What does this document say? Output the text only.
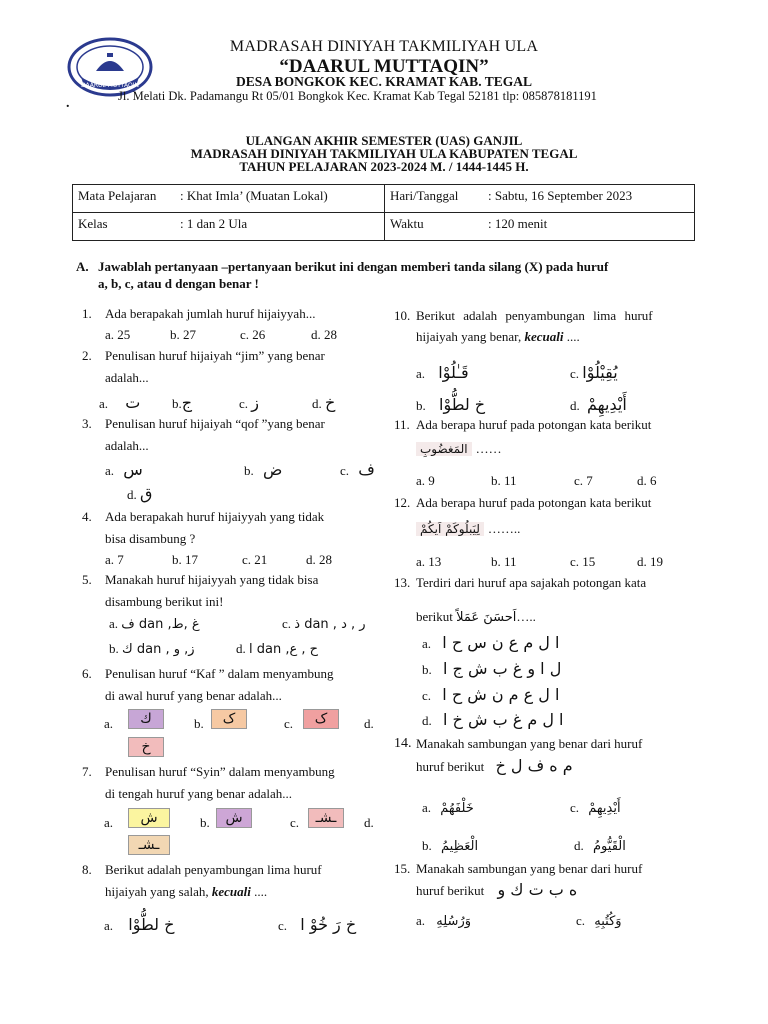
DAARUL MUTTAQIN
MADRASAH DINIYAH TAKMILIYAH ULA
“DAARUL MUTTAQIN”
DESA BONGKOK KEC. KRAMAT KAB. TEGAL
Jl. Melati Dk. Padamangu Rt 05/01 Bongkok Kec. Kramat Kab Tegal 52181 tlp: 085878181191
.
ULANGAN AKHIR SEMESTER (UAS) GANJIL
MADRASAH DINIYAH TAKMILIYAH ULA KABUPATEN TEGAL
TAHUN PELAJARAN 2023-2024 M. / 1444-1445 H.
Mata Pelajaran : Khat Imla’ (Muatan Lokal)	Hari/Tanggal : Sabtu, 16 September 2023
Kelas : 1 dan 2 Ula	Waktu : 120 menit
A. Jawablah pertanyaan –pertanyaan berikut ini dengan memberi tanda silang (X) pada huruf
a, b, c, atau d dengan benar !
1. Ada berapakah jumlah huruf hijaiyyah...
a. 25	b. 27	c. 26	d. 28
2. Penulisan huruf hijaiyah “jim” yang benar
adalah...
a. ت b.ج	c. ز	d. خ
3. Penulisan huruf hijaiyah “qof ”yang benar
adalah...
a. س	b. ض	c. ف
d. ق
4. Ada berapakah huruf hijaiyyah yang tidak
bisa disambung ?
a. 7	b. 17	c. 21	d. 28
5. Manakah huruf hijaiyyah yang tidak bisa
disambung berikut ini!
a. غ ,ط, dan ف	c. ر , د , dan ذ
b. ز, و , dan ك	d. ح , ع, dan ا
6. Penulisan huruf “Kaf ” dalam menyambung
di awal huruf yang benar adalah...
a.	ك	b.	ک	c.	ک	d.
خ
7. Penulisan huruf “Syin” dalam menyambung
di tengah huruf yang benar adalah...
a.	ش	b.	ش	c.	ـشـ	d.
ـشـ
8. Berikut adalah penyambungan lima huruf
hijaiyah yang salah, kecuali ....
a. خ لطُّوْا	c. خ رَ خُوْ ا
10. Berikut adalah penyambungan lima huruf
hijaiyah yang benar, kecuali ....
a. قَـٰلُوْا	c. يُقِيْلُوْا
b. خ لطُّوْا	d. أَيْدِيهِمْ
11. Ada berapa huruf pada potongan kata berikut
المَغضُوبِ ……
a. 9	b. 11	c. 7	d. 6
12. Ada berapa huruf pada potongan kata berikut
لِيَبلُوكَمْ اَيكُمْ ……..
a. 13	b. 11	c. 15	d. 19
13. Terdiri dari huruf apa sajakah potongan kata
berikut اَحسَنَ عَمَلاً…..
a. ا ل م ع ن س ح ا
b. ل ا و غ ب ش ج ا
c. ا ل ع م ن ش ح ا
d. ا ل م غ ب ش خ ا
14. Manakah sambungan yang benar dari huruf
huruf berikut م ه ف ل خ
a. خَلْفَهُمْ	c. أَيْدِيهِمْ
b. الْعَظِيمُ	d. الْقَيُّومُ
15. Manakah sambungan yang benar dari huruf
huruf berikut ه ب ت ك و
a. وَرُسُلِهِ	c. وَكُتُبِهِ
